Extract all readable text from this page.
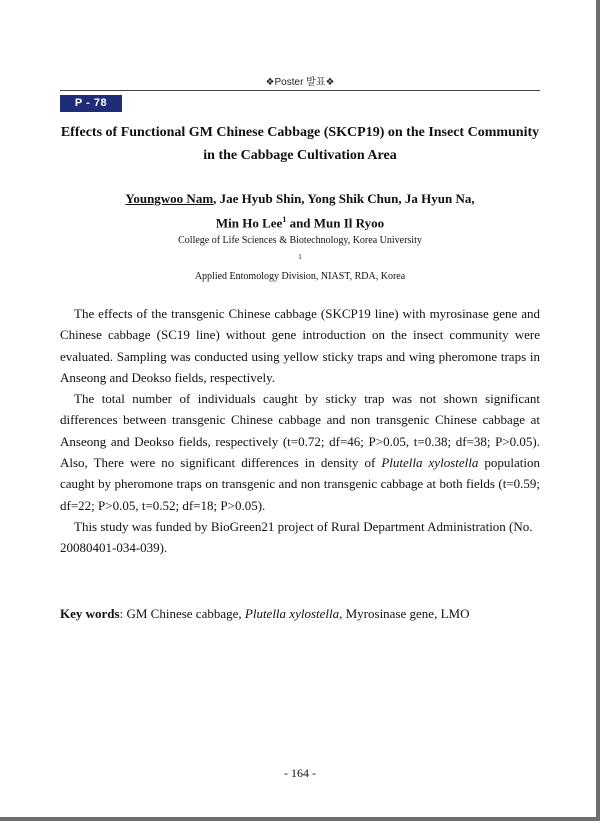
❖Poster 발표❖
P - 78
Effects of Functional GM Chinese Cabbage (SKCP19) on the Insect Community
in the Cabbage Cultivation Area
Youngwoo Nam, Jae Hyub Shin, Yong Shik Chun, Ja Hyun Na,
Min Ho Lee$^1$ and Mun Il Ryoo
College of Life Sciences & Biotechnology, Korea University
$^1$
Applied Entomology Division, NIAST, RDA, Korea

The effects of the transgenic Chinese cabbage (SKCP19 line) with myrosinase gene and Chinese cabbage (SC19 line) without gene introduction on the insect community were evaluated. Sampling was conducted using yellow sticky traps and wing pheromone traps in Anseong and Deokso fields, respectively.

The total number of individuals caught by sticky trap was not shown significant differences between transgenic Chinese cabbage and non transgenic Chinese cabbage at Anseong and Deokso fields, respectively (t=0.72; df=46; P>0.05, t=0.38; df=38; P>0.05). Also, There were no significant differences in density of Plutella xylostella population caught by pheromone traps on transgenic and non transgenic cabbage at both fields (t=0.59; df=22; P>0.05, t=0.52; df=18; P>0.05).

This study was funded by BioGreen21 project of Rural Department Administration (No. 20080401-034-039).

Key words: GM Chinese cabbage, Plutella xylostella, Myrosinase gene, LMO
- 164 -
